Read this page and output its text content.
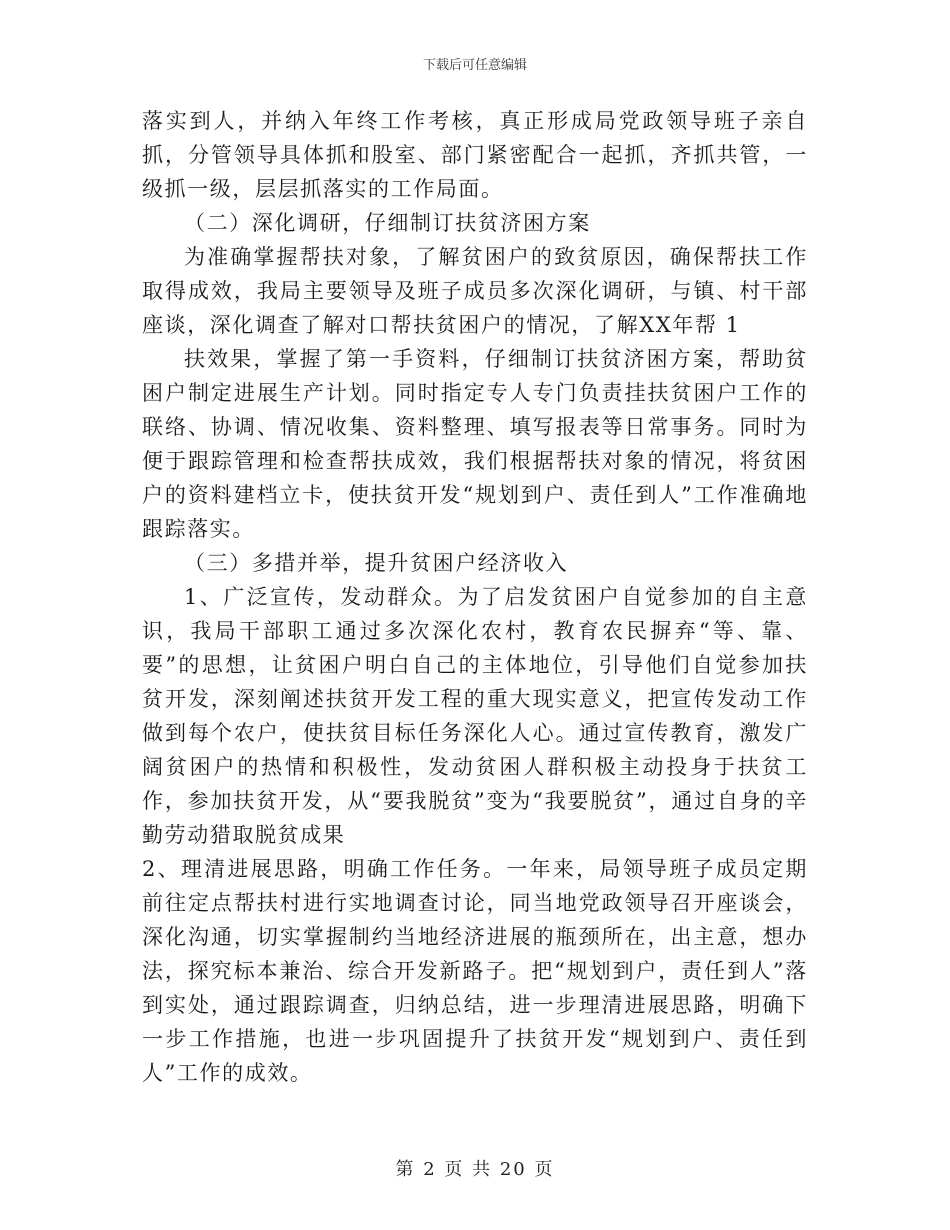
下载后可任意编辑

落实到人，并纳入年终工作考核，真正形成局党政领导班子亲自抓，分管领导具体抓和股室、部门紧密配合一起抓，齐抓共管，一级抓一级，层层抓落实的工作局面。

（二）深化调研，仔细制订扶贫济困方案

为准确掌握帮扶对象，了解贫困户的致贫原因，确保帮扶工作取得成效，我局主要领导及班子成员多次深化调研，与镇、村干部座谈，深化调查了解对口帮扶贫困户的情况，了解XX年帮 1

扶效果，掌握了第一手资料，仔细制订扶贫济困方案，帮助贫困户制定进展生产计划。同时指定专人专门负责挂扶贫困户工作的联络、协调、情况收集、资料整理、填写报表等日常事务。同时为便于跟踪管理和检查帮扶成效，我们根据帮扶对象的情况，将贫困户的资料建档立卡，使扶贫开发“规划到户、责任到人”工作准确地跟踪落实。

（三）多措并举，提升贫困户经济收入

1、广泛宣传，发动群众。为了启发贫困户自觉参加的自主意识，我局干部职工通过多次深化农村，教育农民摒弃“等、靠、要”的思想，让贫困户明白自己的主体地位，引导他们自觉参加扶贫开发，深刻阐述扶贫开发工程的重大现实意义，把宣传发动工作做到每个农户，使扶贫目标任务深化人心。通过宣传教育，激发广阔贫困户的热情和积极性，发动贫困人群积极主动投身于扶贫工作，参加扶贫开发，从“要我脱贫”变为“我要脱贫”，通过自身的辛勤劳动猎取脱贫成果

2、理清进展思路，明确工作任务。一年来，局领导班子成员定期前往定点帮扶村进行实地调查讨论，同当地党政领导召开座谈会，深化沟通，切实掌握制约当地经济进展的瓶颈所在，出主意，想办法，探究标本兼治、综合开发新路子。把“规划到户，责任到人”落到实处，通过跟踪调查，归纳总结，进一步理清进展思路，明确下一步工作措施，也进一步巩固提升了扶贫开发“规划到户、责任到人”工作的成效。

第 2 页 共 20 页
